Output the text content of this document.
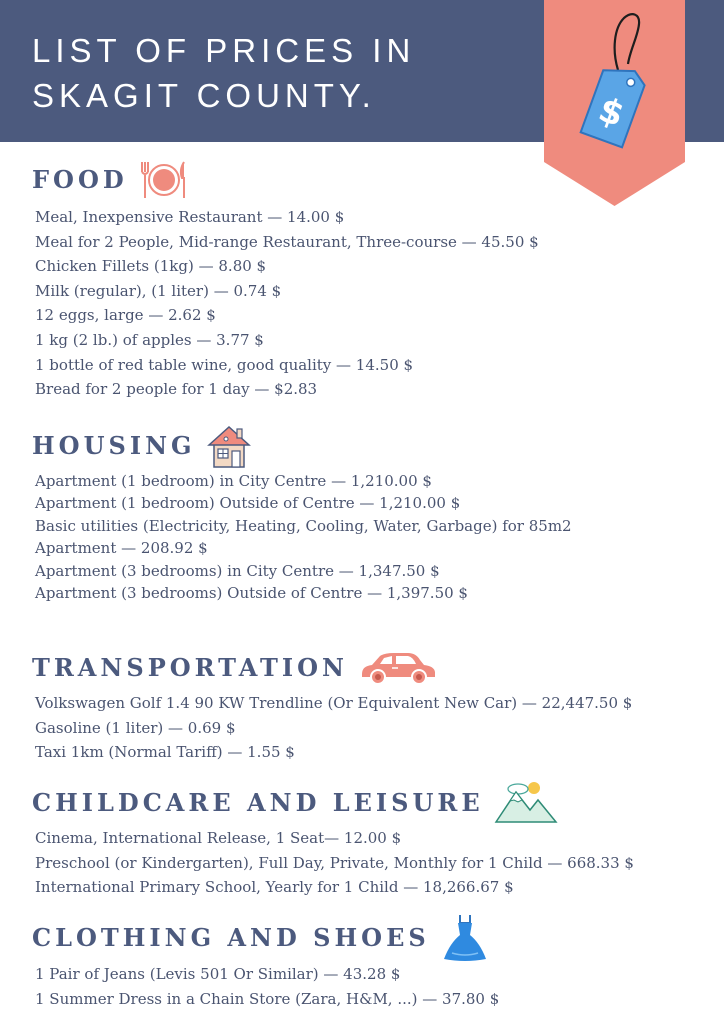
LIST OF PRICES IN
SKAGIT COUNTY.	$
FOOD
Meal, Inexpensive Restaurant — 14.00 $
Meal for 2 People, Mid-range Restaurant, Three-course — 45.50 $
Chicken Fillets (1kg) — 8.80 $
Milk (regular), (1 liter) — 0.74 $
12 eggs, large — 2.62 $
1 kg (2 lb.) of apples — 3.77 $
1 bottle of red table wine, good quality — 14.50 $
Bread for 2 people for 1 day — $2.83
HOUSING
Apartment (1 bedroom) in City Centre — 1,210.00 $
Apartment (1 bedroom) Outside of Centre — 1,210.00 $
Basic utilities (Electricity, Heating, Cooling, Water, Garbage) for 85m2
Apartment — 208.92 $
Apartment (3 bedrooms) in City Centre — 1,347.50 $
Apartment (3 bedrooms) Outside of Centre — 1,397.50 $
TRANSPORTATION
Volkswagen Golf 1.4 90 KW Trendline (Or Equivalent New Car) — 22,447.50 $
Gasoline (1 liter) — 0.69 $
Taxi 1km (Normal Tariff) — 1.55 $
CHILDCARE AND LEISURE
Cinema, International Release, 1 Seat— 12.00 $
Preschool (or Kindergarten), Full Day, Private, Monthly for 1 Child — 668.33 $
International Primary School, Yearly for 1 Child — 18,266.67 $
CLOTHING AND SHOES
1 Pair of Jeans (Levis 501 Or Similar) — 43.28 $
1 Summer Dress in a Chain Store (Zara, H&M, ...) — 37.80 $
